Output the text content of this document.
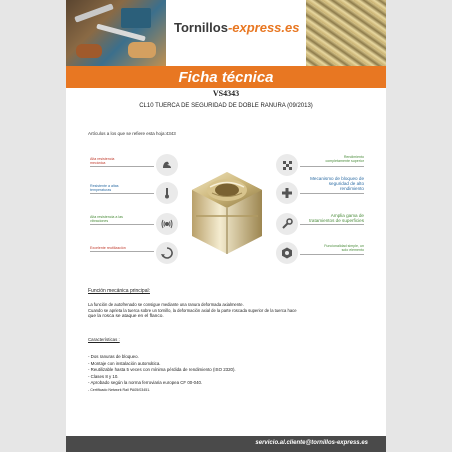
Tornillos-express.es
Ficha técnica
VS4343
CL10 TUERCA DE SEGURIDAD DE DOBLE RANURA (09/2013)
Artículos a los que se refiere esta hoja:4343
Alta resistencia
mecánica
Resistente a altas
temperaturas
Alta resistencia a las
vibraciones
Excelente reutilización
Rendimiento
completamente superior
Mecanismo de bloqueo de
seguridad de alto
rendimiento
Amplia gama de
tratamientos de superficies
Funcionalidad simple, un
solo elemento
Función mecánica principal:
La función de autofrenado se consigue mediante una ranura deformada axialmente.
Cuando se aprieta la tuerca sobre un tornillo, la deformación axial de la parte roscada superior de la tuerca hace
que la rosca se ataque en el flanco.
Características :
- Dos ranuras de bloqueo.
- Montaje con instalación automática.
- Reutilizable hasta 5 veces con mínima pérdida de rendimiento (ISO 2320).
- Clases 8 y 10.
- Aprobado según la norma ferroviaria europea CF 00-040.
- Certificado Network Rail PA05/03451.
servicio.al.cliente@tornillos-express.es
